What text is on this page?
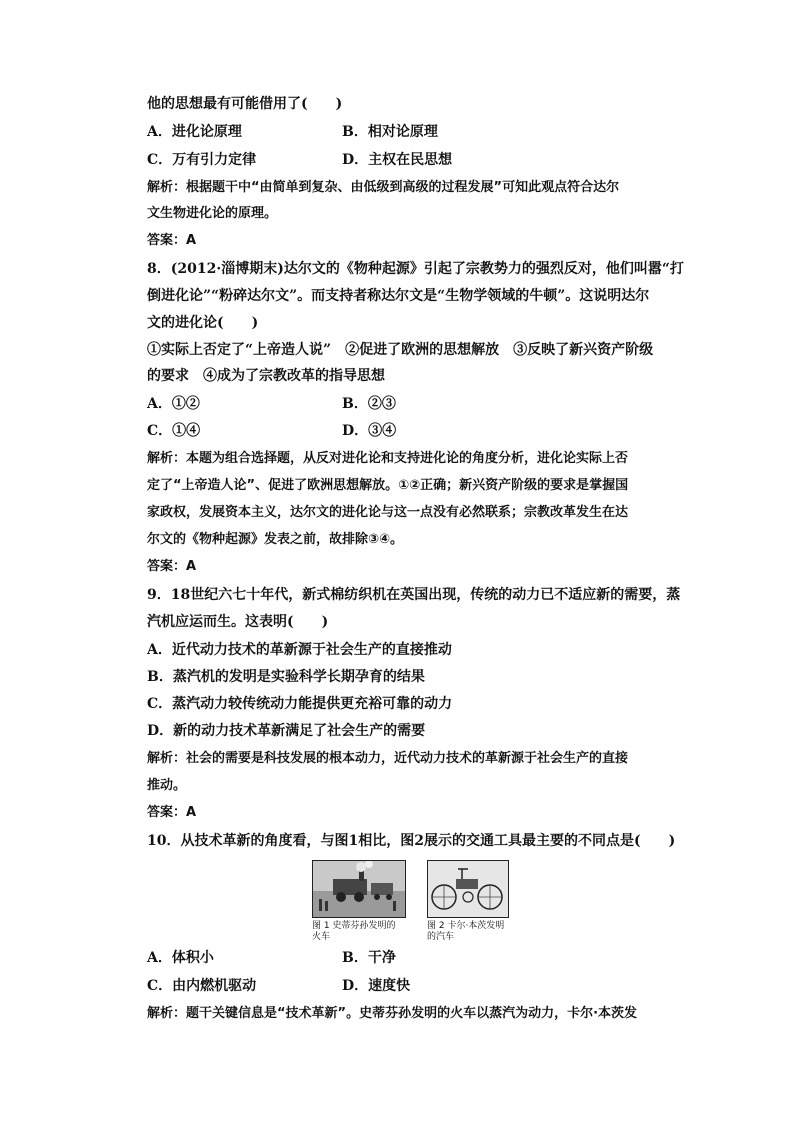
他的思想最有可能借用了(　　)
A．进化论原理	B．相对论原理
C．万有引力定律	D．主权在民思想
解析：根据题干中“由简单到复杂、由低级到高级的过程发展”可知此观点符合达尔
文生物进化论的原理。
答案：A
8．(2012·淄博期末)达尔文的《物种起源》引起了宗教势力的强烈反对，他们叫嚣“打
倒进化论”“粉碎达尔文”。而支持者称达尔文是“生物学领域的牛顿”。这说明达尔
文的进化论(　　)
①实际上否定了“上帝造人说”　②促进了欧洲的思想解放　③反映了新兴资产阶级
的要求　④成为了宗教改革的指导思想
A．①②	B．②③
C．①④	D．③④
解析：本题为组合选择题，从反对进化论和支持进化论的角度分析，进化论实际上否
定了“上帝造人论”、促进了欧洲思想解放。①②正确；新兴资产阶级的要求是掌握国
家政权，发展资本主义，达尔文的进化论与这一点没有必然联系；宗教改革发生在达
尔文的《物种起源》发表之前，故排除③④。
答案：A
9．18世纪六七十年代，新式棉纺织机在英国出现，传统的动力已不适应新的需要，蒸
汽机应运而生。这表明(　　)
A．近代动力技术的革新源于社会生产的直接推动
B．蒸汽机的发明是实验科学长期孕育的结果
C．蒸汽动力较传统动力能提供更充裕可靠的动力
D．新的动力技术革新满足了社会生产的需要
解析：社会的需要是科技发展的根本动力，近代动力技术的革新源于社会生产的直接
推动。
答案：A
10．从技术革新的角度看，与图1相比，图2展示的交通工具最主要的不同点是(　　)
图 1 史蒂芬孙发明的火车
图 2 卡尔·本茨发明的汽车
A．体积小	B．干净
C．由内燃机驱动	D．速度快
解析：题干关键信息是“技术革新”。史蒂芬孙发明的火车以蒸汽为动力，卡尔·本茨发
